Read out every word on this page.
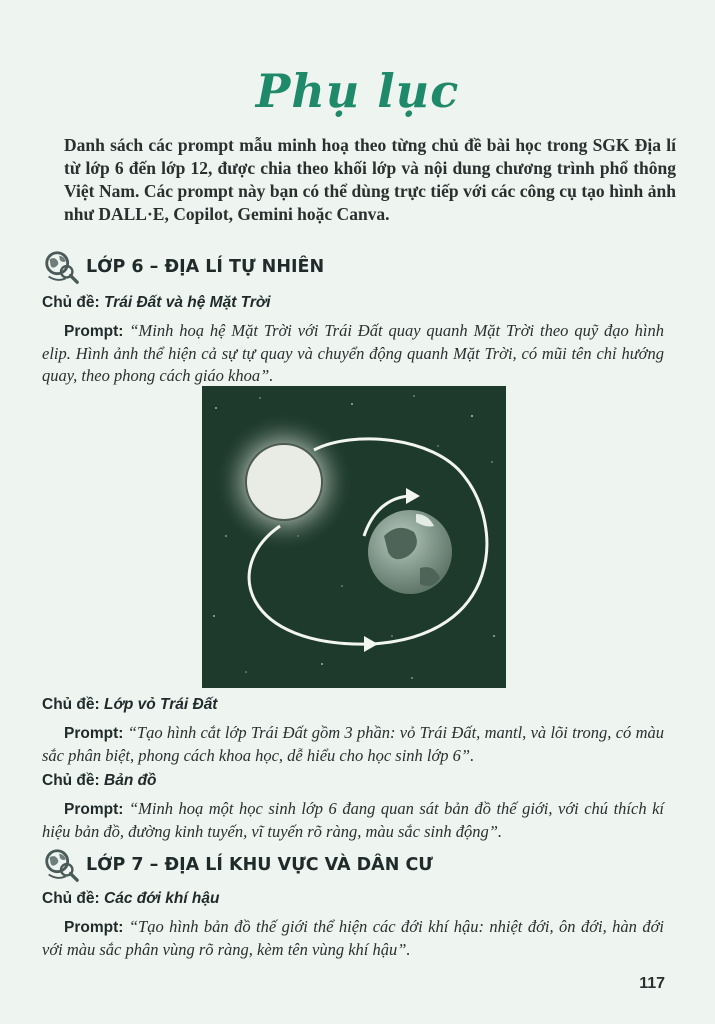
Phụ lục
Danh sách các prompt mẫu minh hoạ theo từng chủ đề bài học trong SGK Địa lí từ lớp 6 đến lớp 12, được chia theo khối lớp và nội dung chương trình phổ thông Việt Nam. Các prompt này bạn có thể dùng trực tiếp với các công cụ tạo hình ảnh như DALL·E, Copilot, Gemini hoặc Canva.
LỚP 6 – ĐỊA LÍ TỰ NHIÊN
Chủ đề: Trái Đất và hệ Mặt Trời
Prompt: “Minh hoạ hệ Mặt Trời với Trái Đất quay quanh Mặt Trời theo quỹ đạo hình elip. Hình ảnh thể hiện cả sự tự quay và chuyển động quanh Mặt Trời, có mũi tên chỉ hướng quay, theo phong cách giáo khoa”.
Chủ đề: Lớp vỏ Trái Đất
Prompt: “Tạo hình cắt lớp Trái Đất gồm 3 phần: vỏ Trái Đất, mantl, và lõi trong, có màu sắc phân biệt, phong cách khoa học, dễ hiểu cho học sinh lớp 6”.
Chủ đề: Bản đồ
Prompt: “Minh hoạ một học sinh lớp 6 đang quan sát bản đồ thế giới, với chú thích kí hiệu bản đồ, đường kinh tuyến, vĩ tuyến rõ ràng, màu sắc sinh động”.
LỚP 7 – ĐỊA LÍ KHU VỰC VÀ DÂN CƯ
Chủ đề: Các đới khí hậu
Prompt: “Tạo hình bản đồ thế giới thể hiện các đới khí hậu: nhiệt đới, ôn đới, hàn đới với màu sắc phân vùng rõ ràng, kèm tên vùng khí hậu”.
117
